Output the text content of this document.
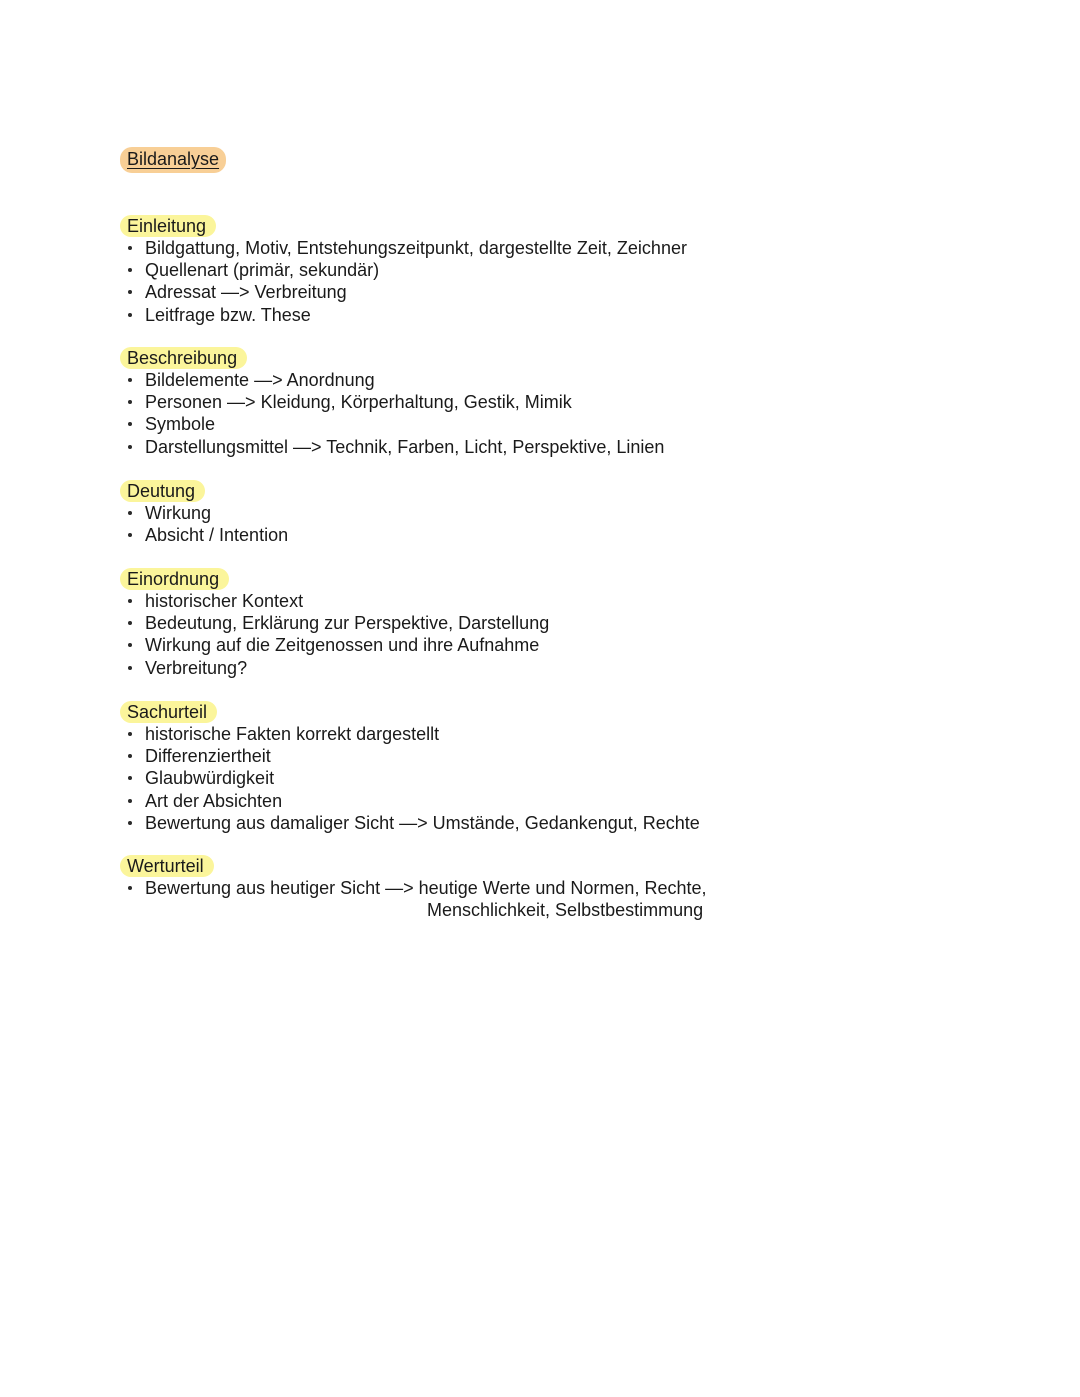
Bildanalyse
Einleitung
Bildgattung, Motiv, Entstehungszeitpunkt, dargestellte Zeit, Zeichner
Quellenart (primär, sekundär)
Adressat —> Verbreitung
Leitfrage bzw. These
Beschreibung
Bildelemente —> Anordnung
Personen —> Kleidung, Körperhaltung, Gestik, Mimik
Symbole
Darstellungsmittel —> Technik, Farben, Licht, Perspektive, Linien
Deutung
Wirkung
Absicht / Intention
Einordnung
historischer Kontext
Bedeutung, Erklärung zur Perspektive, Darstellung
Wirkung auf die Zeitgenossen und ihre Aufnahme
Verbreitung?
Sachurteil
historische Fakten korrekt dargestellt
Differenziertheit
Glaubwürdigkeit
Art der Absichten
Bewertung aus damaliger Sicht —> Umstände, Gedankengut, Rechte
Werturteil
Bewertung aus heutiger Sicht —> heutige Werte und Normen, Rechte,
Menschlichkeit, Selbstbestimmung
